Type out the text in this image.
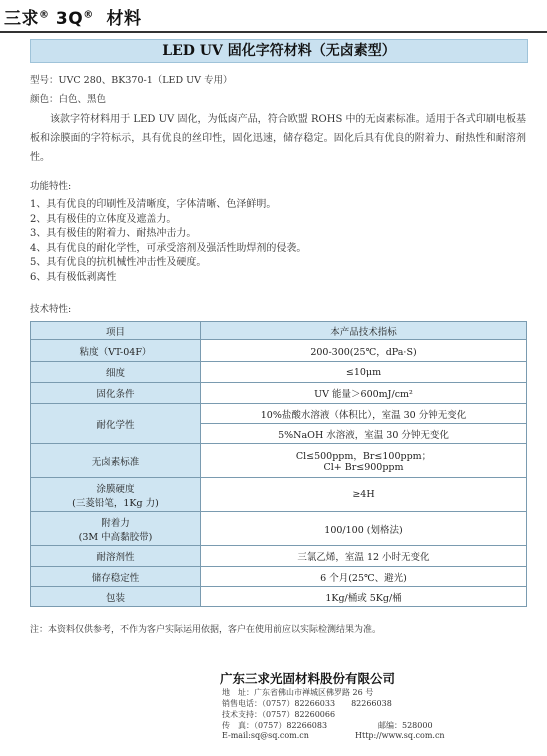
三求® 3Q® 材料
LED UV 固化字符材料（无卤素型）
型号：UVC 280、BK370-1（LED UV 专用）
颜色：白色、黑色
该款字符材料用于 LED UV 固化，为低卤产品，符合欧盟 ROHS 中的无卤素标准。适用于各式印刷电板基板和涂膜面的字符标示，具有优良的丝印性，固化迅速，储存稳定。固化后具有优良的附着力、耐热性和耐溶剂性。
功能特性:
1、具有优良的印刷性及清晰度，字体清晰、色泽鲜明。
2、具有极佳的立体度及遮盖力。
3、具有极佳的附着力、耐热冲击力。
4、具有优良的耐化学性，可承受溶剂及强活性助焊剂的侵袭。
5、具有优良的抗机械性冲击性及硬度。
6、具有极低剥离性
技术特性:
项目	本产品技术指标
粘度（VT-04F）	200-300(25℃，dPa·S)
细度	≤10μm
固化条件	UV 能量＞600mJ/cm²
耐化学性	10%盐酸水溶液（体积比），室温 30 分钟无变化
	5%NaOH 水溶液，室温 30 分钟无变化
无卤素标准	Cl≤500ppm，Br≤100ppm；
Cl+ Br≤900ppm

涂膜硬度
(三菱铅笔，1Kg 力)	≥4H

附着力
(3M 中高黏胶带)	100/100 (划格法)
耐溶剂性	三氯乙烯，室温 12 小时无变化
储存稳定性	6 个月(25℃、避光)
包装	1Kg/桶或 5Kg/桶
注：本资料仅供参考，不作为客户实际运用依据，客户在使用前应以实际检测结果为准。
广东三求光固材料股份有限公司
地　址：广东省佛山市禅城区佛罗路 26 号
销售电话：（0757）82266033　　82266038
技术支持：（0757）82260066
传　真：（0757）82266083	邮编：528000
E-mail:sq@sq.com.cn	Http://www.sq.com.cn
